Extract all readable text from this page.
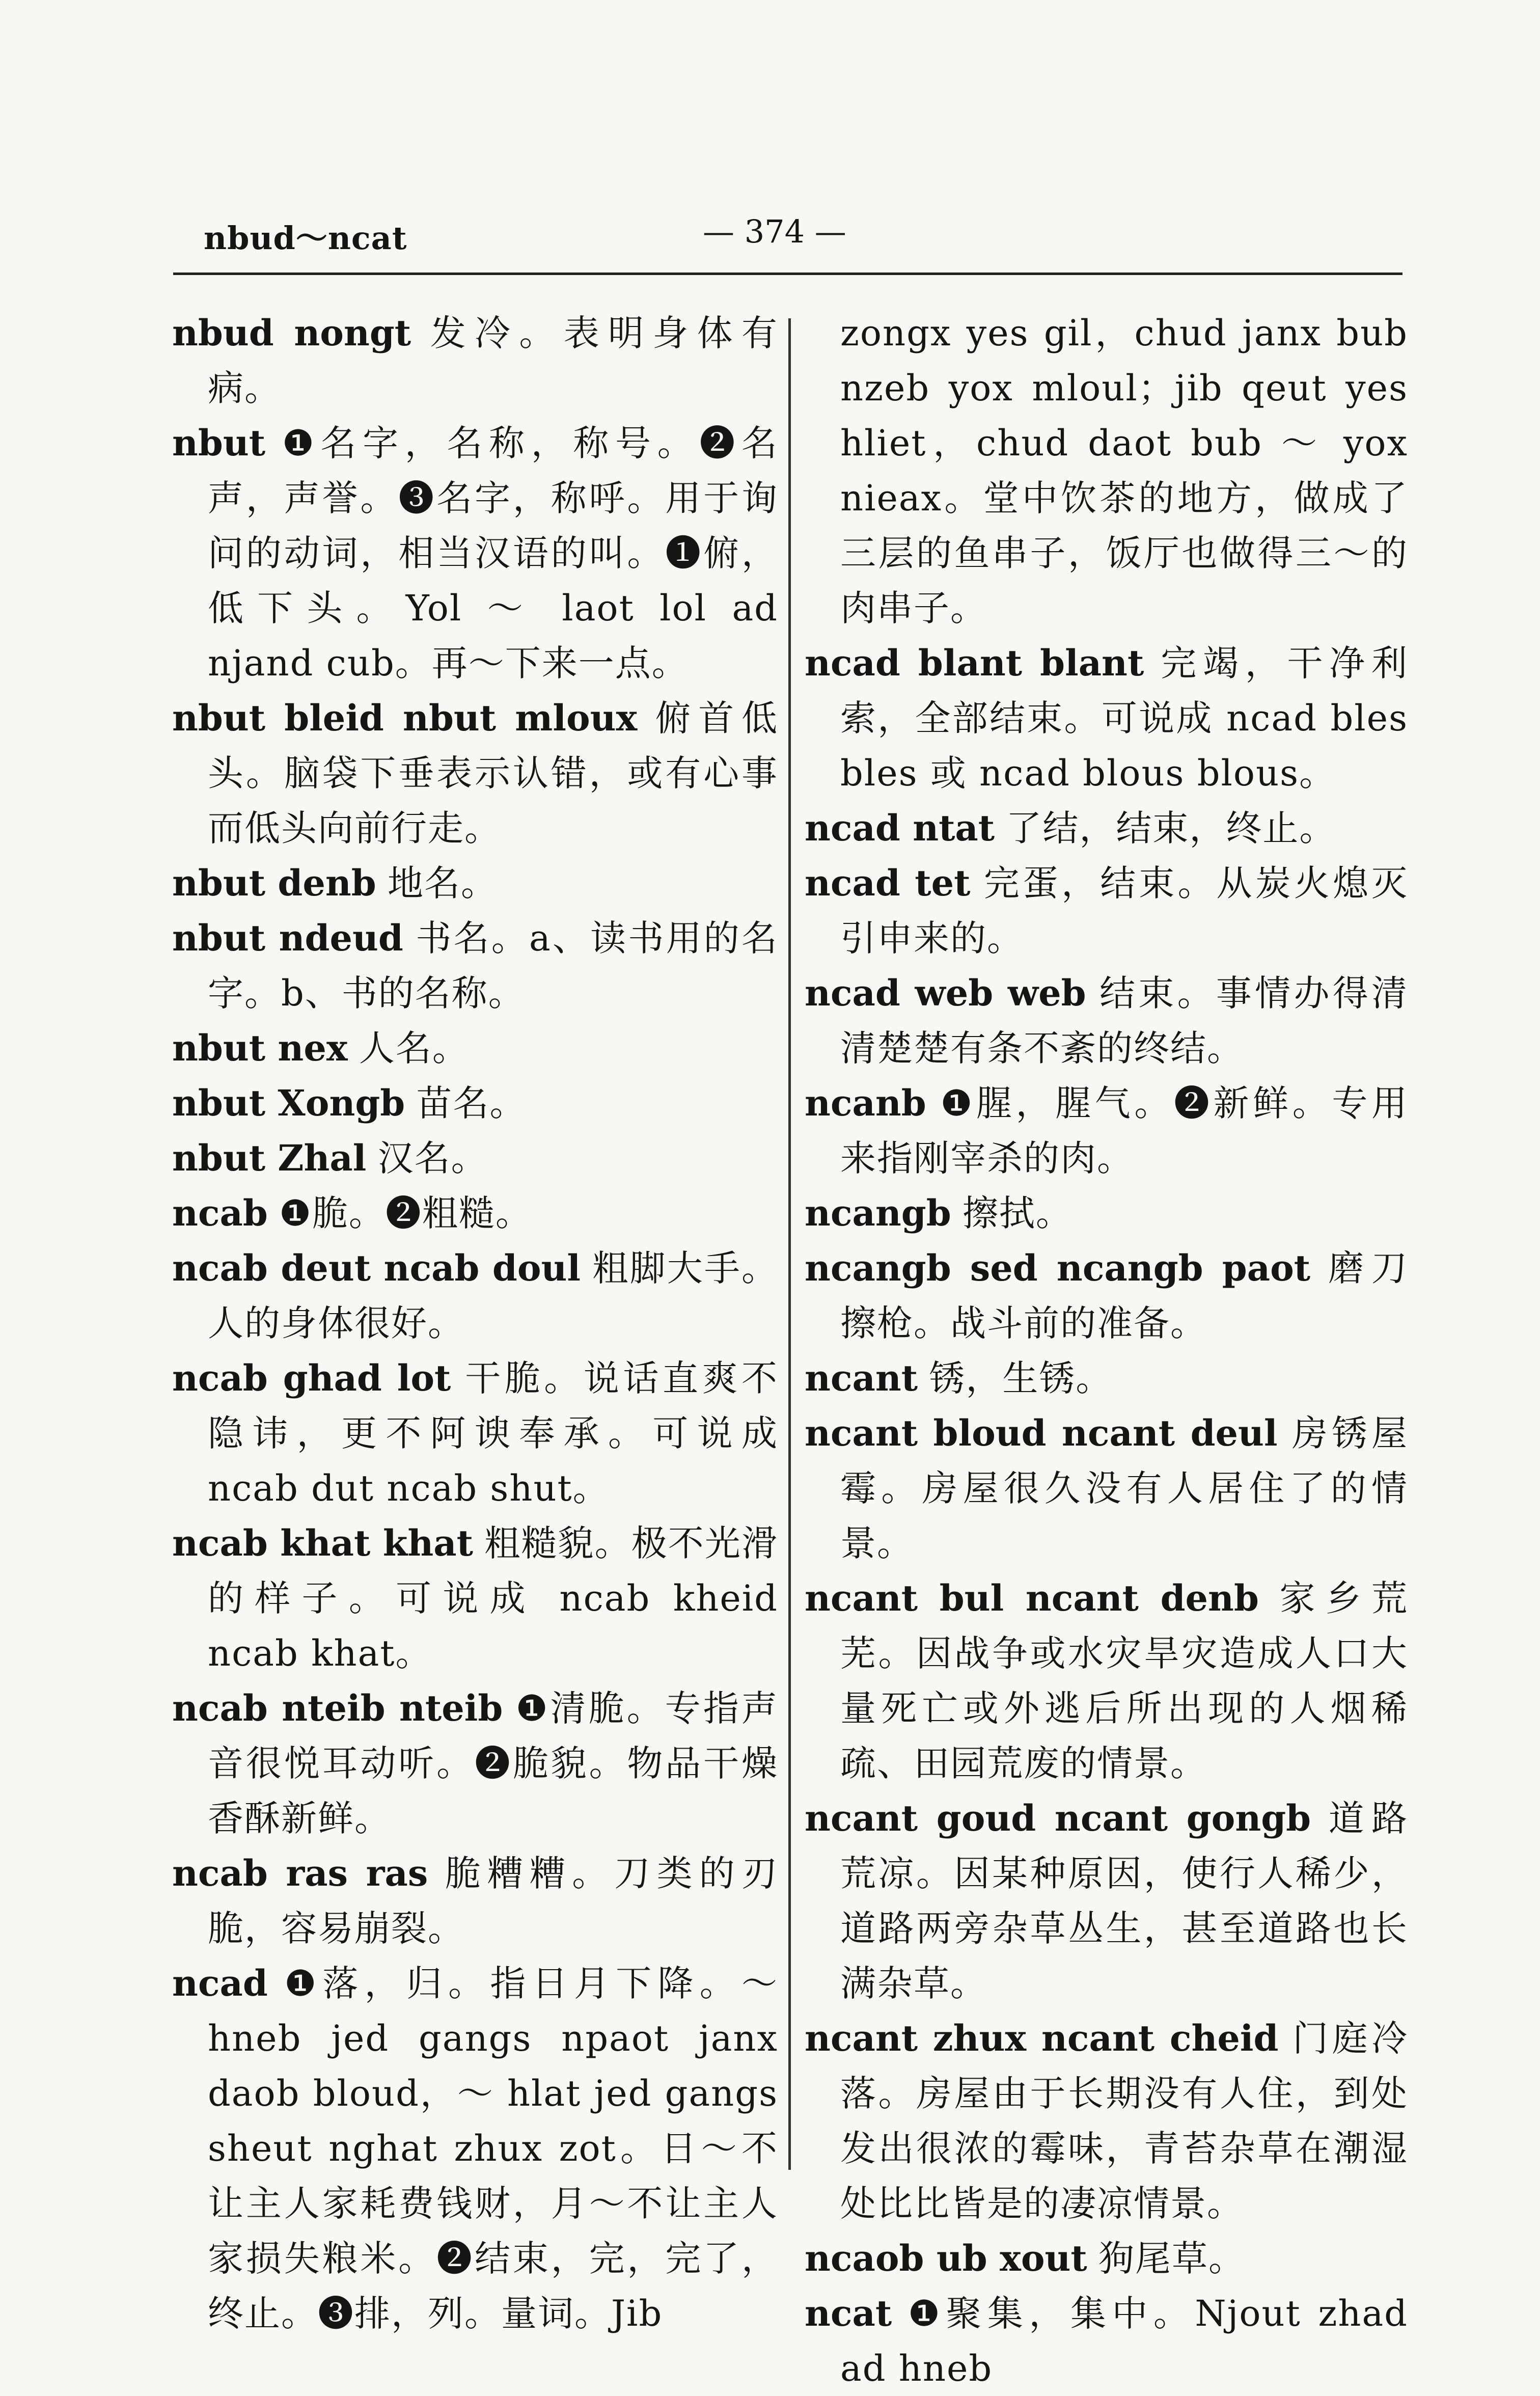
nbud～ncat	— 374 —

nbud nongt 发冷。表明身体有病。

nbut ❶名字，名称，称号。❷名声，声誉。❸名字，称呼。用于询问的动词，相当汉语的叫。❶俯，低下头。Yol ～ laot lol ad njand cub。再～下来一点。

nbut bleid nbut mloux 俯首低头。脑袋下垂表示认错，或有心事而低头向前行走。

nbut denb 地名。

nbut ndeud 书名。a、读书用的名字。b、书的名称。

nbut nex 人名。

nbut Xongb 苗名。

nbut Zhal 汉名。

ncab ❶脆。❷粗糙。

ncab deut ncab doul 粗脚大手。人的身体很好。

ncab ghad lot 干脆。说话直爽不隐讳，更不阿谀奉承。可说成 ncab dut ncab shut。

ncab khat khat 粗糙貌。极不光滑的样子。可说成 ncab kheid ncab khat。

ncab nteib nteib ❶清脆。专指声音很悦耳动听。❷脆貌。物品干燥香酥新鲜。

ncab ras ras 脆糟糟。刀类的刃脆，容易崩裂。

ncad ❶落，归。指日月下降。～ hneb jed gangs npaot janx daob bloud，～ hlat jed gangs sheut nghat zhux zot。日～不让主人家耗费钱财，月～不让主人家损失粮米。❷结束，完，完了，终止。❸排，列。量词。Jib

zongx yes gil，chud janx bub nzeb yox mloul；jib qeut yes hliet，chud daot bub ～ yox nieax。堂中饮茶的地方，做成了三层的鱼串子，饭厅也做得三～的肉串子。

ncad blant blant 完竭，干净利索，全部结束。可说成 ncad bles bles 或 ncad blous blous。

ncad ntat 了结，结束，终止。

ncad tet 完蛋，结束。从炭火熄灭引申来的。

ncad web web 结束。事情办得清清楚楚有条不紊的终结。

ncanb ❶腥，腥气。❷新鲜。专用来指刚宰杀的肉。

ncangb 擦拭。

ncangb sed ncangb paot 磨刀擦枪。战斗前的准备。

ncant 锈，生锈。

ncant bloud ncant deul 房锈屋霉。房屋很久没有人居住了的情景。

ncant bul ncant denb 家乡荒芜。因战争或水灾旱灾造成人口大量死亡或外逃后所出现的人烟稀疏、田园荒废的情景。

ncant goud ncant gongb 道路荒凉。因某种原因，使行人稀少，道路两旁杂草丛生，甚至道路也长满杂草。

ncant zhux ncant cheid 门庭冷落。房屋由于长期没有人住，到处发出很浓的霉味，青苔杂草在潮湿处比比皆是的凄凉情景。

ncaob ub xout 狗尾草。

ncat ❶聚集，集中。Njout zhad ad hneb
